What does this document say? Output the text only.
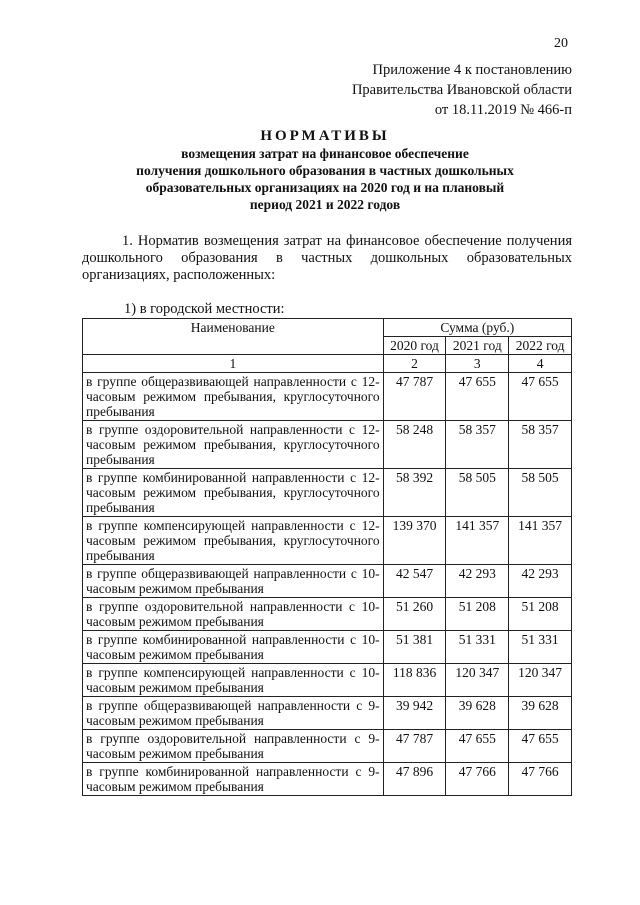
20
Приложение 4 к постановлению
Правительства Ивановской области
от 18.11.2019 № 466-п
НОРМАТИВЫ
возмещения затрат на финансовое обеспечение
получения дошкольного образования в частных дошкольных
образовательных организациях на 2020 год и на плановый
период 2021 и 2022 годов
1. Норматив возмещения затрат на финансовое обеспечение получения дошкольного образования в частных дошкольных образовательных организациях, расположенных:
1) в городской местности:
Наименование	Сумма (руб.)		
	2020 год	2021 год	2022 год
1	2	3	4
в группе общеразвивающей направленности с 12-часовым режимом пребывания, круглосуточного пребывания	47 787	47 655	47 655
в группе оздоровительной направленности с 12-часовым режимом пребывания, круглосуточного пребывания	58 248	58 357	58 357
в группе комбинированной направленности с 12-часовым режимом пребывания, круглосуточного пребывания	58 392	58 505	58 505
в группе компенсирующей направленности с 12-часовым режимом пребывания, круглосуточного пребывания	139 370	141 357	141 357
в группе общеразвивающей направленности с 10-часовым режимом пребывания	42 547	42 293	42 293
в группе оздоровительной направленности с 10-часовым режимом пребывания	51 260	51 208	51 208
в группе комбинированной направленности с 10-часовым режимом пребывания	51 381	51 331	51 331
в группе компенсирующей направленности с 10-часовым режимом пребывания	118 836	120 347	120 347
в группе общеразвивающей направленности с 9-часовым режимом пребывания	39 942	39 628	39 628
в группе оздоровительной направленности с 9-часовым режимом пребывания	47 787	47 655	47 655
в группе комбинированной направленности с 9-часовым режимом пребывания	47 896	47 766	47 766
